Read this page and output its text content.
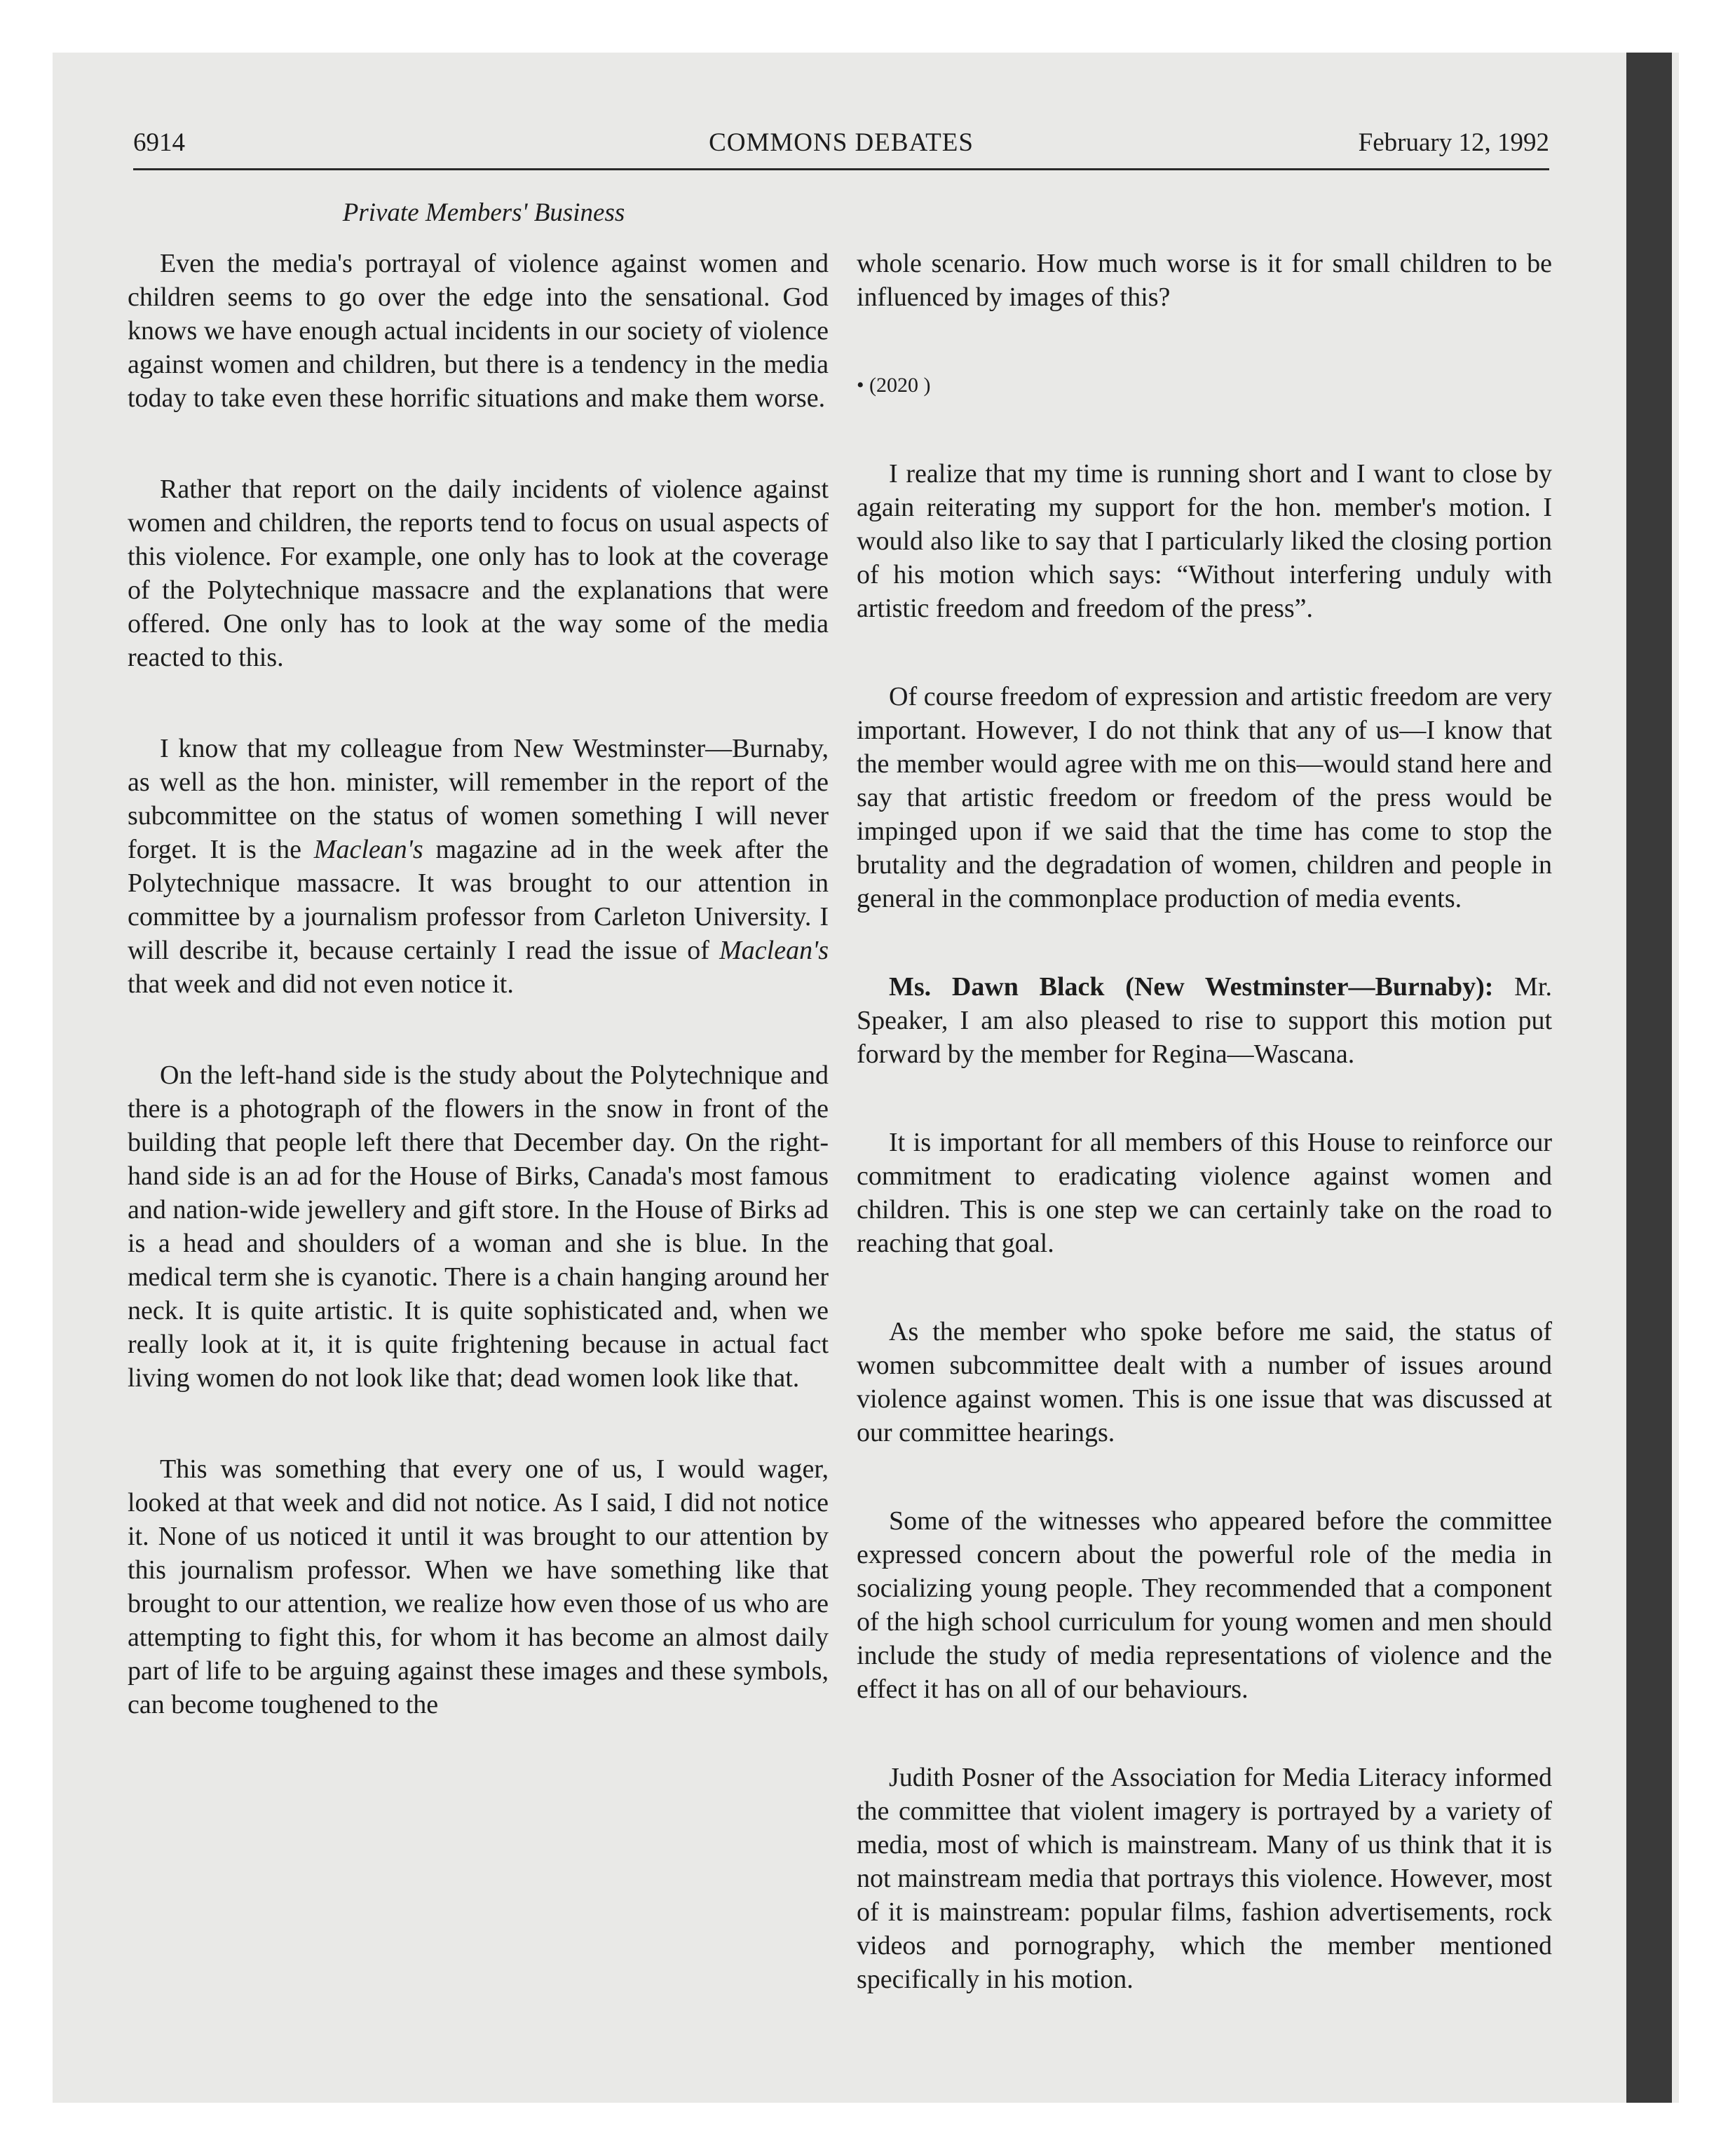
6914	COMMONS DEBATES	February 12, 1992
Private Members' Business

Even the media's portrayal of violence against women and children seems to go over the edge into the sensational. God knows we have enough actual incidents in our society of violence against women and children, but there is a tendency in the media today to take even these horrific situations and make them worse.

Rather that report on the daily incidents of violence against women and children, the reports tend to focus on usual aspects of this violence. For example, one only has to look at the coverage of the Polytechnique massacre and the explanations that were offered. One only has to look at the way some of the media reacted to this.

I know that my colleague from New Westminster—Burnaby, as well as the hon. minister, will remember in the report of the subcommittee on the status of women something I will never forget. It is the Maclean's magazine ad in the week after the Polytechnique massacre. It was brought to our attention in committee by a journalism professor from Carleton University. I will describe it, because certainly I read the issue of Maclean's that week and did not even notice it.

On the left-hand side is the study about the Polytechnique and there is a photograph of the flowers in the snow in front of the building that people left there that December day. On the right-hand side is an ad for the House of Birks, Canada's most famous and nation-wide jewellery and gift store. In the House of Birks ad is a head and shoulders of a woman and she is blue. In the medical term she is cyanotic. There is a chain hanging around her neck. It is quite artistic. It is quite sophisticated and, when we really look at it, it is quite frightening because in actual fact living women do not look like that; dead women look like that.

This was something that every one of us, I would wager, looked at that week and did not notice. As I said, I did not notice it. None of us noticed it until it was brought to our attention by this journalism professor. When we have something like that brought to our attention, we realize how even those of us who are attempting to fight this, for whom it has become an almost daily part of life to be arguing against these images and these symbols, can become toughened to the

whole scenario. How much worse is it for small children to be influenced by images of this?

• (2020 )

I realize that my time is running short and I want to close by again reiterating my support for the hon. member's motion. I would also like to say that I particularly liked the closing portion of his motion which says: “Without interfering unduly with artistic freedom and freedom of the press”.

Of course freedom of expression and artistic freedom are very important. However, I do not think that any of us—I know that the member would agree with me on this—would stand here and say that artistic freedom or freedom of the press would be impinged upon if we said that the time has come to stop the brutality and the degradation of women, children and people in general in the commonplace production of media events.

Ms. Dawn Black (New Westminster—Burnaby): Mr. Speaker, I am also pleased to rise to support this motion put forward by the member for Regina—Wascana.

It is important for all members of this House to reinforce our commitment to eradicating violence against women and children. This is one step we can certainly take on the road to reaching that goal.

As the member who spoke before me said, the status of women subcommittee dealt with a number of issues around violence against women. This is one issue that was discussed at our committee hearings.

Some of the witnesses who appeared before the committee expressed concern about the powerful role of the media in socializing young people. They recommended that a component of the high school curriculum for young women and men should include the study of media representations of violence and the effect it has on all of our behaviours.

Judith Posner of the Association for Media Literacy informed the committee that violent imagery is portrayed by a variety of media, most of which is mainstream. Many of us think that it is not mainstream media that portrays this violence. However, most of it is mainstream: popular films, fashion advertisements, rock videos and pornography, which the member mentioned specifically in his motion.
